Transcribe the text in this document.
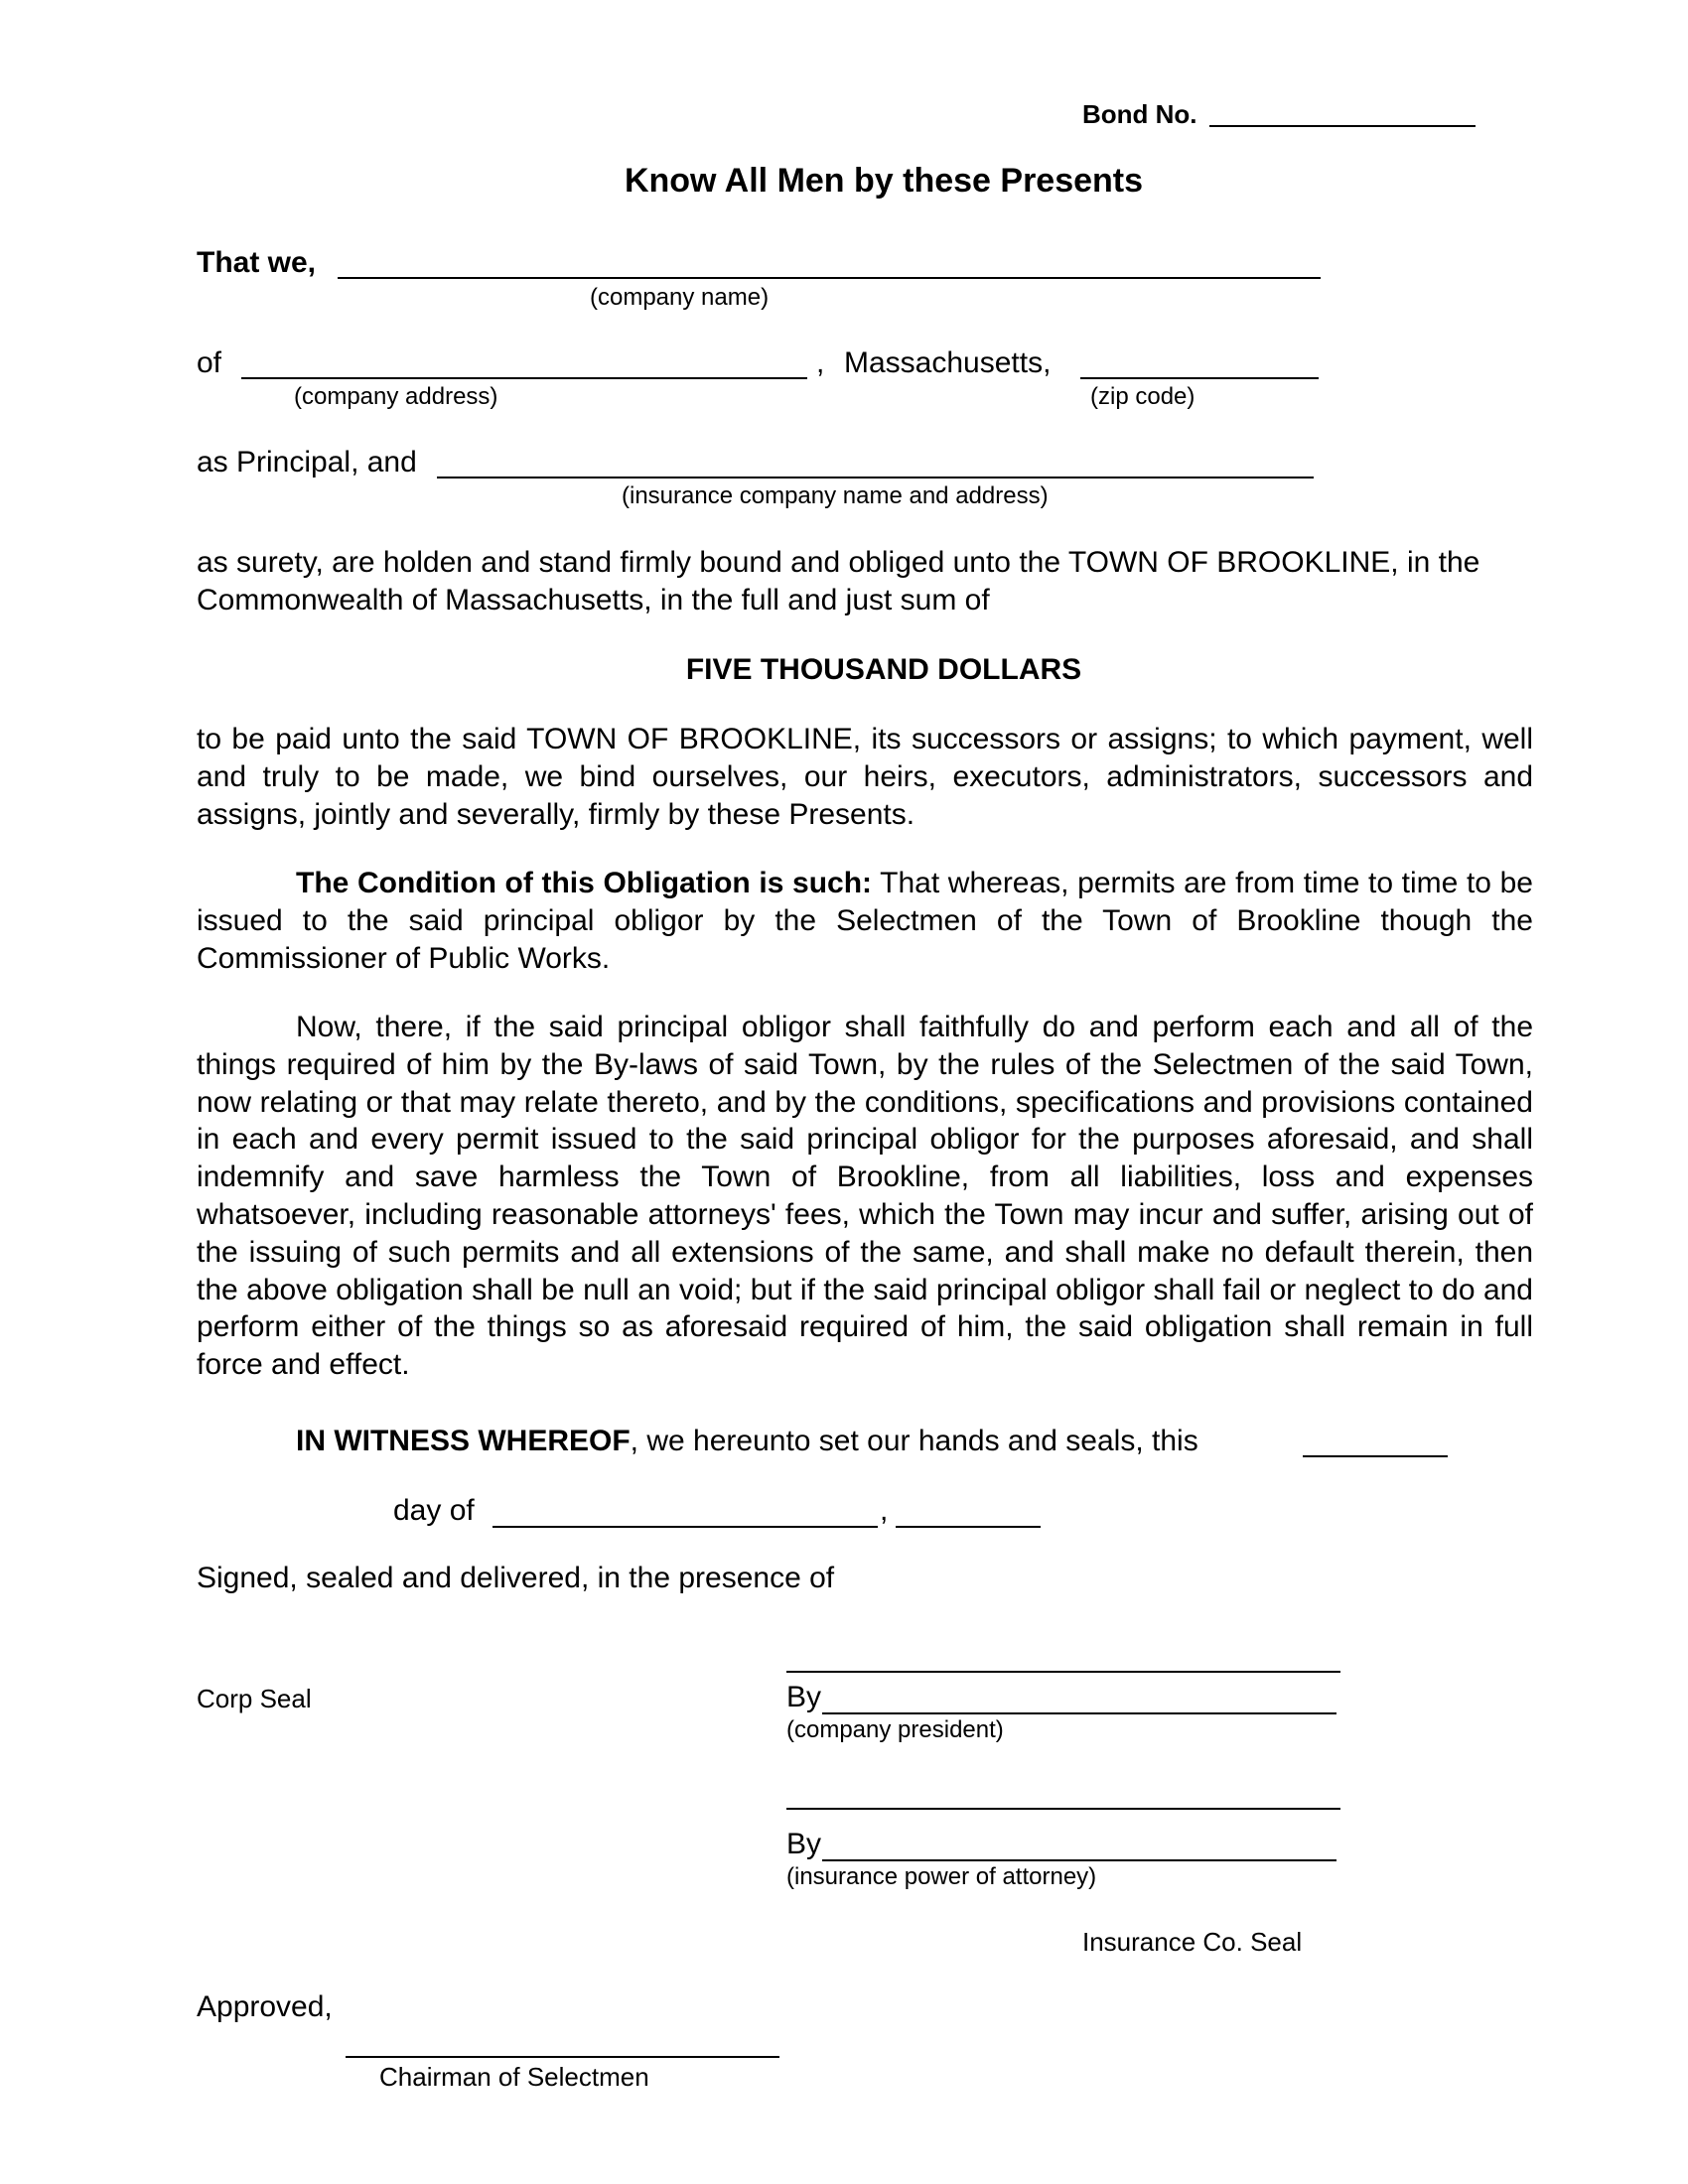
Bond No.
Know All Men by these Presents
That we,
(company name)
of	, Massachusetts,
(company address)	(zip code)
as Principal, and
(insurance company name and address)
as surety, are holden and stand firmly bound and obliged unto the TOWN OF BROOKLINE, in the Commonwealth of Massachusetts, in the full and just sum of
FIVE THOUSAND DOLLARS
to be paid unto the said TOWN OF BROOKLINE, its successors or assigns; to which payment, well and truly to be made, we bind ourselves, our heirs, executors, administrators, successors and assigns, jointly and severally, firmly by these Presents.
The Condition of this Obligation is such: That whereas, permits are from time to time to be issued to the said principal obligor by the Selectmen of the Town of Brookline though the Commissioner of Public Works.
Now, there, if the said principal obligor shall faithfully do and perform each and all of the things required of him by the By-laws of said Town, by the rules of the Selectmen of the said Town, now relating or that may relate thereto, and by the conditions, specifications and provisions contained in each and every permit issued to the said principal obligor for the purposes aforesaid, and shall indemnify and save harmless the Town of Brookline, from all liabilities, loss and expenses whatsoever, including reasonable attorneys' fees, which the Town may incur and suffer, arising out of the issuing of such permits and all extensions of the same, and shall make no default therein, then the above obligation shall be null an void; but if the said principal obligor shall fail or neglect to do and perform either of the things so as aforesaid required of him, the said obligation shall remain in full force and effect.
IN WITNESS WHEREOF, we hereunto set our hands and seals, this
day of	,
Signed, sealed and delivered, in the presence of
Corp Seal	By
(company president)
By
(insurance power of attorney)
Insurance Co. Seal
Approved,
Chairman of Selectmen
